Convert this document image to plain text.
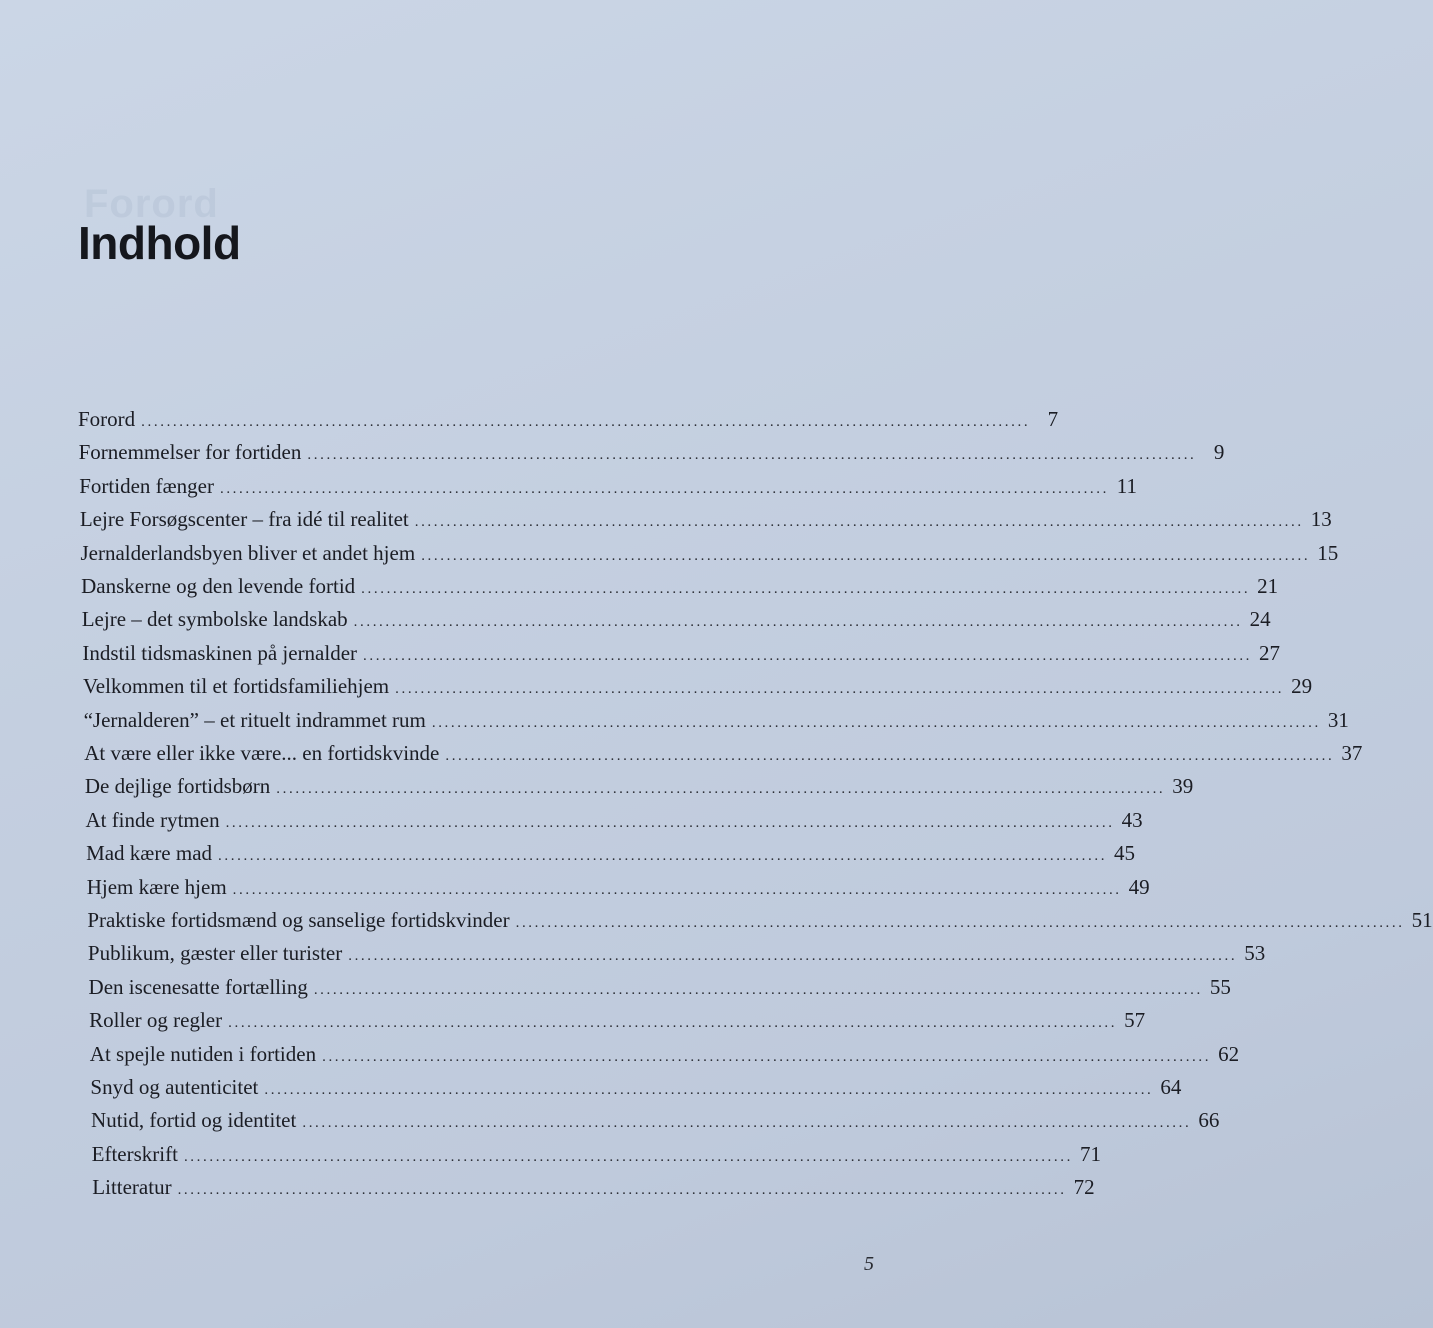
Forord
Indhold
Forord ............................................................................................................................................ 7
Fornemmelser for fortiden ............................................................................................................................................ 9
Fortiden fænger ............................................................................................................................................ 11
Lejre Forsøgscenter – fra idé til realitet ............................................................................................................................................ 13
Jernalderlandsbyen bliver et andet hjem ............................................................................................................................................ 15
Danskerne og den levende fortid ............................................................................................................................................ 21
Lejre – det symbolske landskab ............................................................................................................................................ 24
Indstil tidsmaskinen på jernalder ............................................................................................................................................ 27
Velkommen til et fortidsfamiliehjem ............................................................................................................................................ 29
“Jernalderen” – et rituelt indrammet rum ............................................................................................................................................ 31
At være eller ikke være... en fortidskvinde ............................................................................................................................................ 37
De dejlige fortidsbørn ............................................................................................................................................ 39
At finde rytmen ............................................................................................................................................ 43
Mad kære mad ............................................................................................................................................ 45
Hjem kære hjem ............................................................................................................................................ 49
Praktiske fortidsmænd og sanselige fortidskvinder ............................................................................................................................................ 51
Publikum, gæster eller turister ............................................................................................................................................ 53
Den iscenesatte fortælling ............................................................................................................................................ 55
Roller og regler ............................................................................................................................................ 57
At spejle nutiden i fortiden ............................................................................................................................................ 62
Snyd og autenticitet ............................................................................................................................................ 64
Nutid, fortid og identitet ............................................................................................................................................ 66
Efterskrift ............................................................................................................................................ 71
Litteratur ............................................................................................................................................ 72
5
